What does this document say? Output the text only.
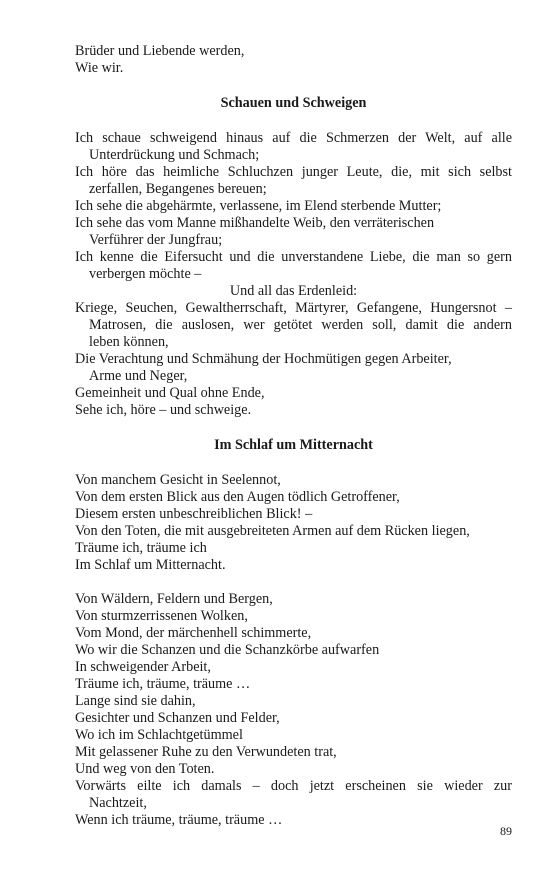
Brüder und Liebende werden,
Wie wir.
Schauen und Schweigen
Ich schaue schweigend hinaus auf die Schmerzen der Welt, auf alle
Unterdrückung und Schmach;
Ich höre das heimliche Schluchzen junger Leute, die, mit sich selbst
zerfallen, Begangenes bereuen;
Ich sehe die abgehärmte, verlassene, im Elend sterbende Mutter;
Ich sehe das vom Manne mißhandelte Weib, den verräterischen
Verführer der Jungfrau;
Ich kenne die Eifersucht und die unverstandene Liebe, die man so gern
verbergen möchte –
Und all das Erdenleid:
Kriege, Seuchen, Gewaltherrschaft, Märtyrer, Gefangene, Hungersnot –
Matrosen, die auslosen, wer getötet werden soll, damit die andern
leben können,
Die Verachtung und Schmähung der Hochmütigen gegen Arbeiter,
Arme und Neger,
Gemeinheit und Qual ohne Ende,
Sehe ich, höre – und schweige.
Im Schlaf um Mitternacht
Von manchem Gesicht in Seelennot,
Von dem ersten Blick aus den Augen tödlich Getroffener,
Diesem ersten unbeschreiblichen Blick! –
Von den Toten, die mit ausgebreiteten Armen auf dem Rücken liegen,
Träume ich, träume ich
Im Schlaf um Mitternacht.
Von Wäldern, Feldern und Bergen,
Von sturmzerrissenen Wolken,
Vom Mond, der märchenhell schimmerte,
Wo wir die Schanzen und die Schanzkörbe aufwarfen
In schweigender Arbeit,
Träume ich, träume, träume …
Lange sind sie dahin,
Gesichter und Schanzen und Felder,
Wo ich im Schlachtgetümmel
Mit gelassener Ruhe zu den Verwundeten trat,
Und weg von den Toten.
Vorwärts eilte ich damals – doch jetzt erscheinen sie wieder zur
Nachtzeit,
Wenn ich träume, träume, träume …
89
